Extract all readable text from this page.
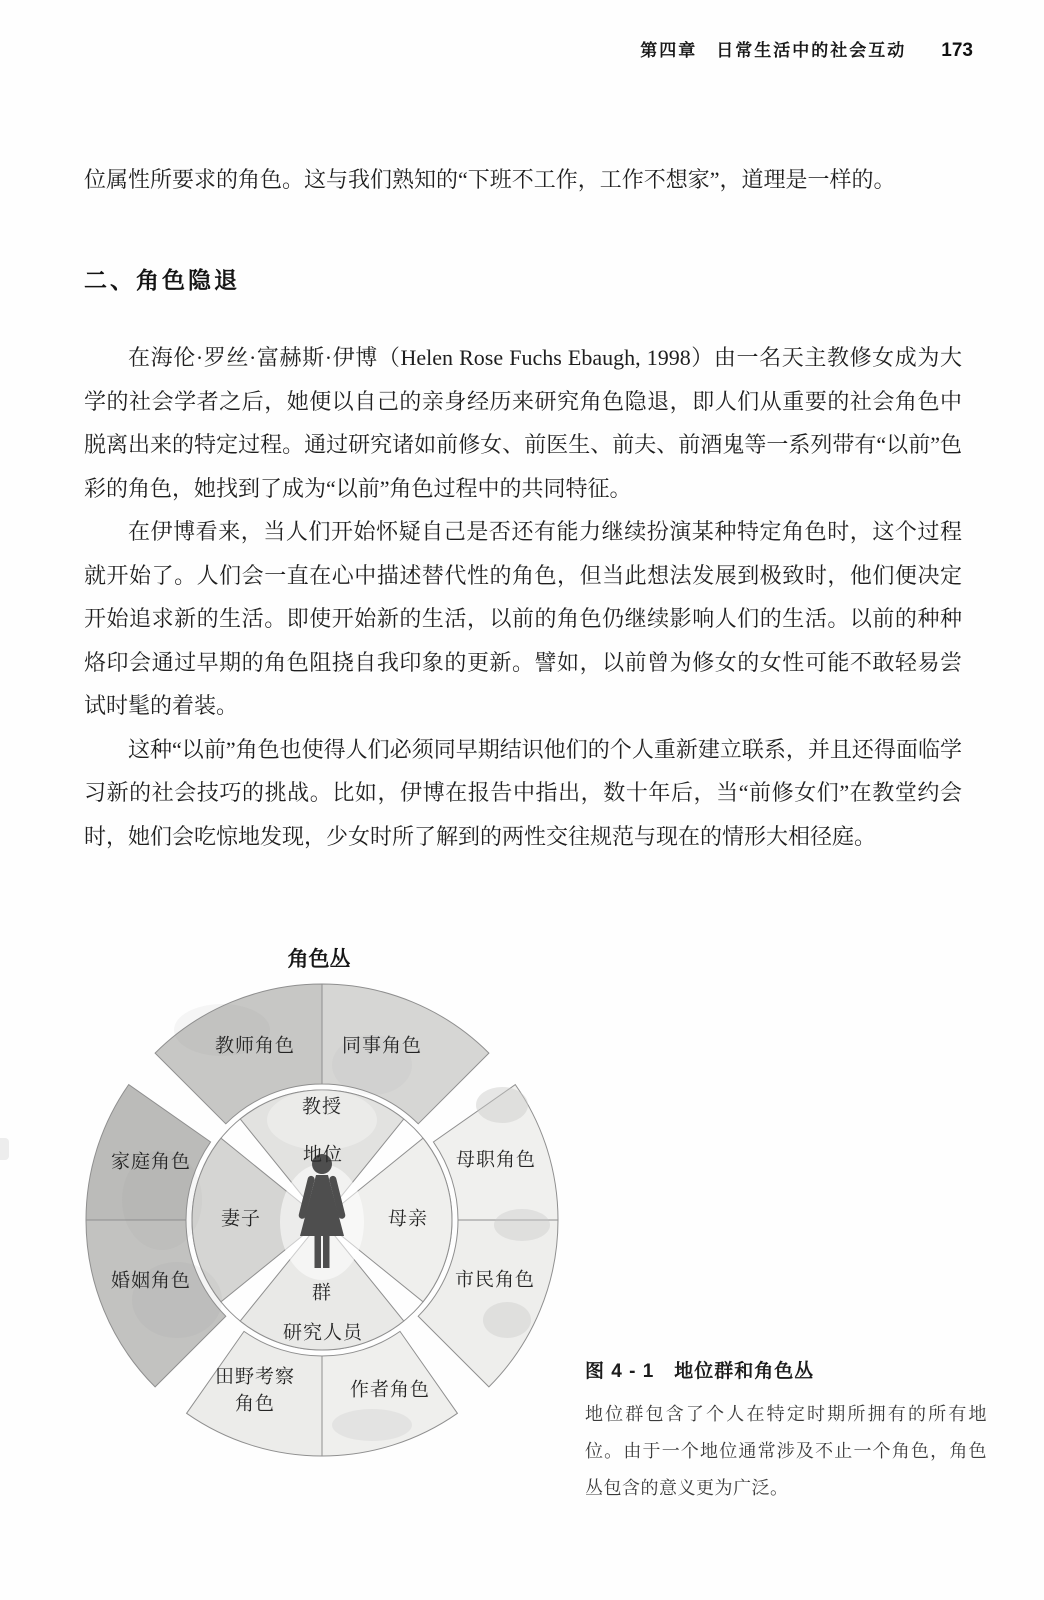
第四章　日常生活中的社会互动 173

位属性所要求的角色。这与我们熟知的“下班不工作，工作不想家”，道理是一样的。

二、角色隐退

在海伦·罗丝·富赫斯·伊博（Helen Rose Fuchs Ebaugh, 1998）由一名天主教修女成为大学的社会学者之后，她便以自己的亲身经历来研究角色隐退，即人们从重要的社会角色中脱离出来的特定过程。通过研究诸如前修女、前医生、前夫、前酒鬼等一系列带有“以前”色彩的角色，她找到了成为“以前”角色过程中的共同特征。

在伊博看来，当人们开始怀疑自己是否还有能力继续扮演某种特定角色时，这个过程就开始了。人们会一直在心中描述替代性的角色，但当此想法发展到极致时，他们便决定开始追求新的生活。即使开始新的生活，以前的角色仍继续影响人们的生活。以前的种种烙印会通过早期的角色阻挠自我印象的更新。譬如，以前曾为修女的女性可能不敢轻易尝试时髦的着装。

这种“以前”角色也使得人们必须同早期结识他们的个人重新建立联系，并且还得面临学习新的社会技巧的挑战。比如，伊博在报告中指出，数十年后，当“前修女们”在教堂约会时，她们会吃惊地发现，少女时所了解到的两性交往规范与现在的情形大相径庭。

角色丛
教师角色 同事角色
家庭角色	母职角色
婚姻角色	市民角色
田野考察角色
作者角色
教授
地位
妻子	母亲
群
研究人员
图 4 - 1　地位群和角色丛

地位群包含了个人在特定时期所拥有的所有地位。由于一个地位通常涉及不止一个角色，角色丛包含的意义更为广泛。
